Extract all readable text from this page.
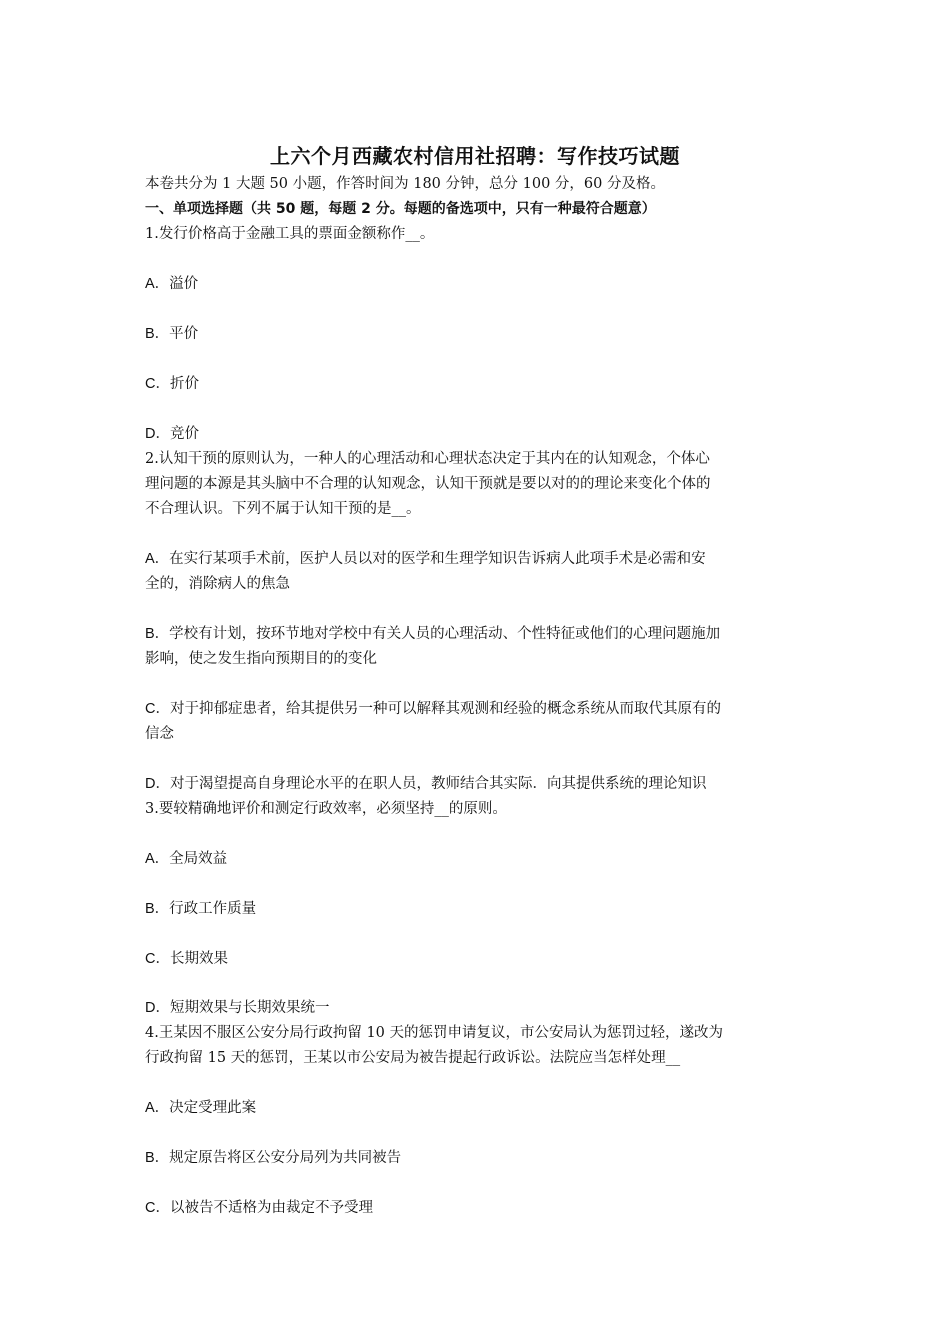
上六个月西藏农村信用社招聘：写作技巧试题
本卷共分为 1 大题 50 小题，作答时间为 180 分钟，总分 100 分，60 分及格。
一、单项选择题（共 50 题，每题 2 分。每题的备选项中，只有一种最符合题意）
1.发行价格高于金融工具的票面金额称作__。
A．溢价
B．平价
C．折价
D．竞价
2.认知干预的原则认为，一种人的心理活动和心理状态决定于其内在的认知观念，个体心
理问题的本源是其头脑中不合理的认知观念，认知干预就是要以对的的理论来变化个体的
不合理认识。下列不属于认知干预的是__。
A．在实行某项手术前，医护人员以对的医学和生理学知识告诉病人此项手术是必需和安
全的，消除病人的焦急
B．学校有计划，按环节地对学校中有关人员的心理活动、个性特征或他们的心理问题施加
影响，使之发生指向预期目的的变化
C．对于抑郁症患者，给其提供另一种可以解释其观测和经验的概念系统从而取代其原有的
信念
D．对于渴望提高自身理论水平的在职人员，教师结合其实际．向其提供系统的理论知识
3.要较精确地评价和测定行政效率，必须坚持__的原则。
A．全局效益
B．行政工作质量
C．长期效果
D．短期效果与长期效果统一
4.王某因不服区公安分局行政拘留 10 天的惩罚申请复议，市公安局认为惩罚过轻，遂改为
行政拘留 15 天的惩罚，王某以市公安局为被告提起行政诉讼。法院应当怎样处理__
A．决定受理此案
B．规定原告将区公安分局列为共同被告
C．以被告不适格为由裁定不予受理
